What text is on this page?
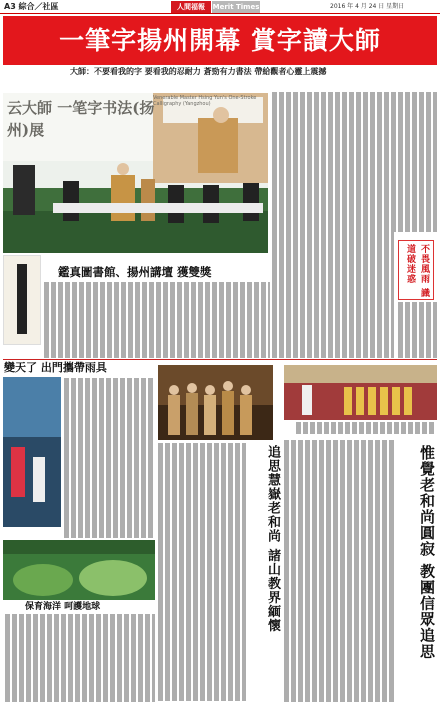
A3 綜合／社區	人間福報	Merit Times	2016 年 4 月 24 日 星期日
一筆字揚州開幕 賞字讀大師
大師：不要看我的字 要看我的忍耐力 蒼勁有力書法 帶給觀者心靈上震撼
云大師 一笔字书法(扬州)展
Venerable Master Hsing Yun's One-Stroke Calligraphy (Yangzhou)
不畏風雨 識道破迷惑
鑑真圖書館、揚州講壇 獲雙獎
變天了 出門攜帶雨具
保育海洋 呵護地球	追思慧嶽老和尚 諸山教界緬懷	惟覺老和尚圓寂 教團信眾追思
